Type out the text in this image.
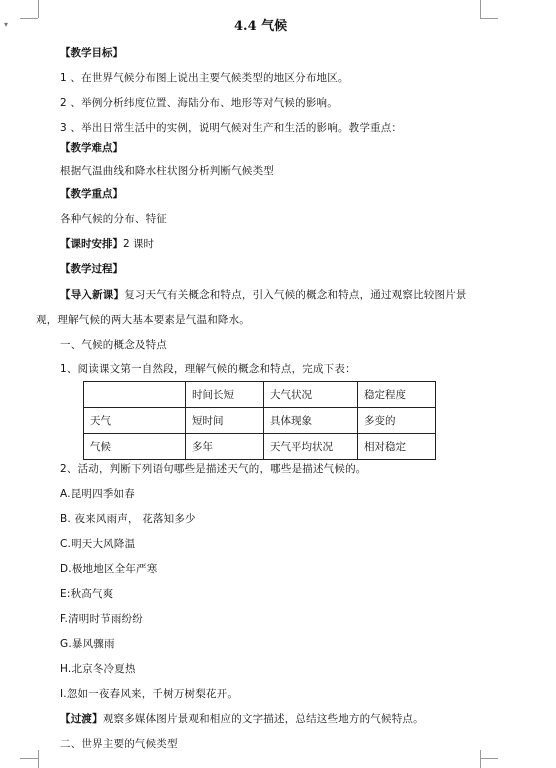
▾	4.4 气候
【教学目标】
1 、在世界气候分布图上说出主要气候类型的地区分布地区。
2 、举例分析纬度位置、海陆分布、地形等对气候的影响。
3 、举出日常生活中的实例，说明气候对生产和生活的影响。教学重点：
【教学难点】
根据气温曲线和降水柱状图分析判断气候类型
【教学重点】
各种气候的分布、特征
【课时安排】2 课时
【教学过程】
【导入新课】复习天气有关概念和特点，引入气候的概念和特点，通过观察比较图片景
观，理解气候的两大基本要素是气温和降水。
一、气候的概念及特点
1、阅读课文第一自然段，理解气候的概念和特点，完成下表：
	时间长短	大气状况	稳定程度
天气	短时间	具体现象	多变的
气候	多年	天气平均状况	相对稳定
2、活动，判断下列语句哪些是描述天气的，哪些是描述气候的。
A.昆明四季如春
B. 夜来风雨声， 花落知多少
C.明天大风降温
D.极地地区全年严寒
E:秋高气爽
F.清明时节雨纷纷
G.暴风骤雨
H.北京冬冷夏热
I.忽如一夜春风来，千树万树梨花开。
【过渡】观察多媒体图片景观和相应的文字描述，总结这些地方的气候特点。
二、世界主要的气候类型
